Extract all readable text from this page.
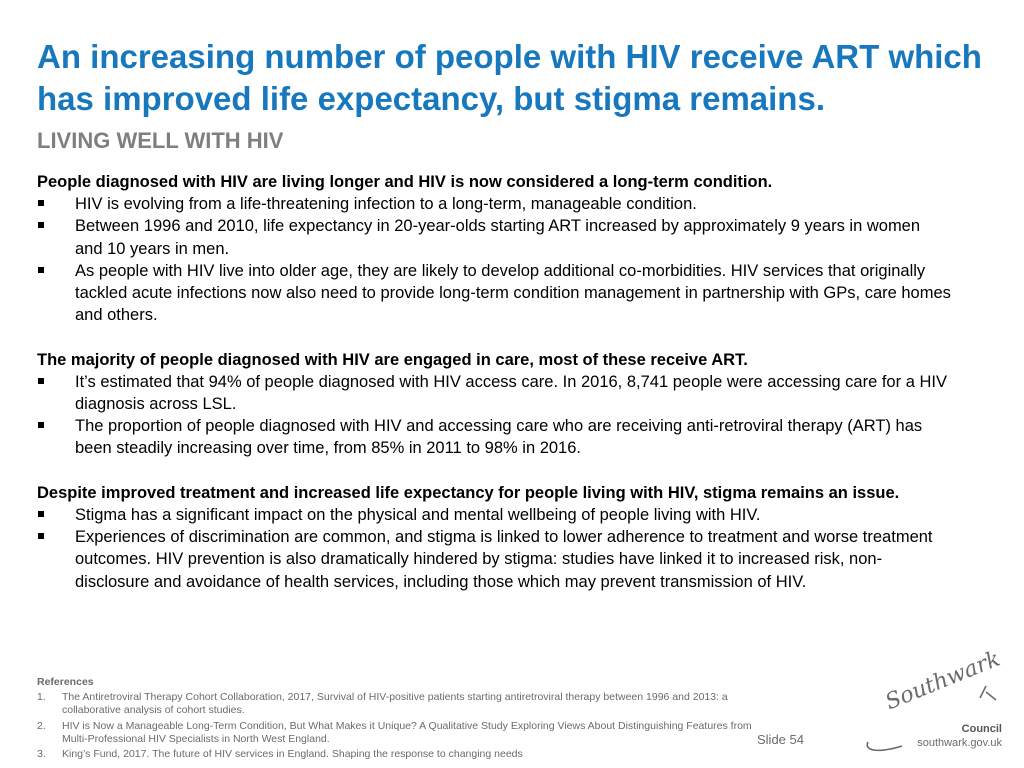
An increasing number of people with HIV receive ART which has improved life expectancy, but stigma remains.
LIVING WELL WITH HIV

People diagnosed with HIV are living longer and HIV is now considered a long-term condition.

HIV is evolving from a life-threatening infection to a long-term, manageable condition.
Between 1996 and 2010, life expectancy in 20-year-olds starting ART increased by approximately 9 years in women and 10 years in men.
As people with HIV live into older age, they are likely to develop additional co-morbidities. HIV services that originally tackled acute infections now also need to provide long-term condition management in partnership with GPs, care homes and others.

The majority of people diagnosed with HIV are engaged in care, most of these receive ART.

It’s estimated that 94% of people diagnosed with HIV access care. In 2016, 8,741 people were accessing care for a HIV diagnosis across LSL.
The proportion of people diagnosed with HIV and accessing care who are receiving anti-retroviral therapy (ART) has been steadily increasing over time, from 85% in 2011 to 98% in 2016.

Despite improved treatment and increased life expectancy for people living with HIV, stigma remains an issue.

Stigma has a significant impact on the physical and mental wellbeing of people living with HIV.
Experiences of discrimination are common, and stigma is linked to lower adherence to treatment and worse treatment outcomes. HIV prevention is also dramatically hindered by stigma: studies have linked it to increased risk, non-disclosure and avoidance of health services, including those which may prevent transmission of HIV.

References

1. The Antiretroviral Therapy Cohort Collaboration, 2017, Survival of HIV-positive patients starting antiretroviral therapy between 1996 and 2013: a collaborative analysis of cohort studies.
2. HIV is Now a Manageable Long-Term Condition, But What Makes it Unique? A Qualitative Study Exploring Views About Distinguishing Features from Multi-Professional HIV Specialists in North West England.
3. King’s Fund, 2017. The future of HIV services in England. Shaping the response to changing needs
Slide 54
Southwark
Council
southwark.gov.uk
